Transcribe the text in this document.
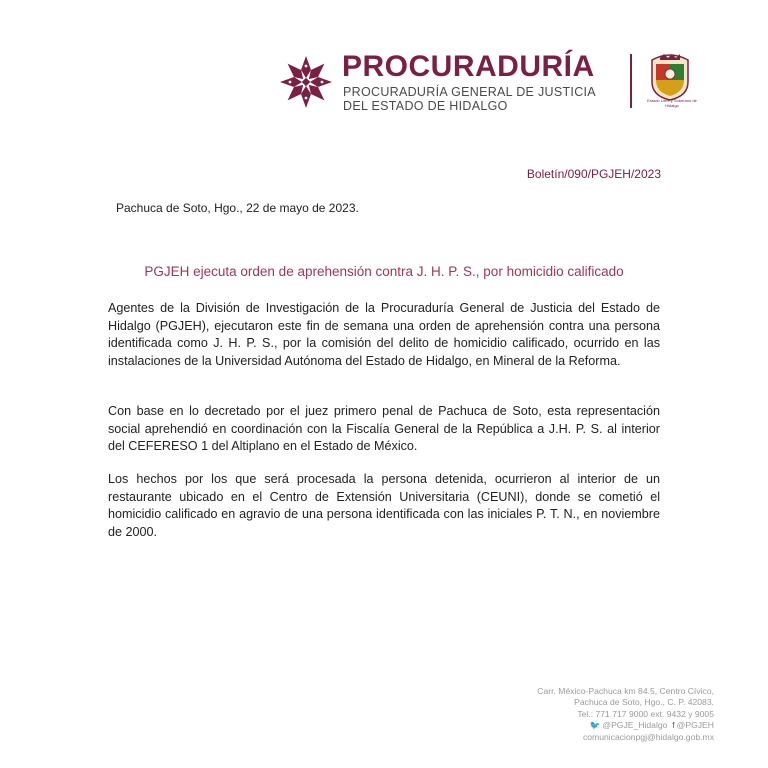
PROCURADURÍA
PROCURADURÍA GENERAL DE JUSTICIA
DEL ESTADO DE HIDALGO	Estado Libre y Soberano de Hidalgo
Boletín/090/PGJEH/2023
Pachuca de Soto, Hgo., 22 de mayo de 2023.
PGJEH ejecuta orden de aprehensión contra J. H. P. S., por homicidio calificado

Agentes de la División de Investigación de la Procuraduría General de Justicia del Estado de Hidalgo (PGJEH), ejecutaron este fin de semana una orden de aprehensión contra una persona identificada como J. H. P. S., por la comisión del delito de homicidio calificado, ocurrido en las instalaciones de la Universidad Autónoma del Estado de Hidalgo, en Mineral de la Reforma.

Con base en lo decretado por el juez primero penal de Pachuca de Soto, esta representación social aprehendió en coordinación con la Fiscalía General de la República a J.H. P. S. al interior del CEFERESO 1 del Altiplano en el Estado de México.

Los hechos por los que será procesada la persona detenida, ocurrieron al interior de un restaurante ubicado en el Centro de Extensión Universitaria (CEUNI), donde se cometió el homicidio calificado en agravio de una persona identificada con las iniciales P. T. N., en noviembre de 2000.

Carr. México-Pachuca km 84.5, Centro Cívico,
Pachuca de Soto, Hgo., C. P. 42083.
Tel.: 771 717 9000 ext. 9432 y 9005
🐦 @PGJE_Hidalgo f @PGJEH
comunicacionpgj@hidalgo.gob.mx
